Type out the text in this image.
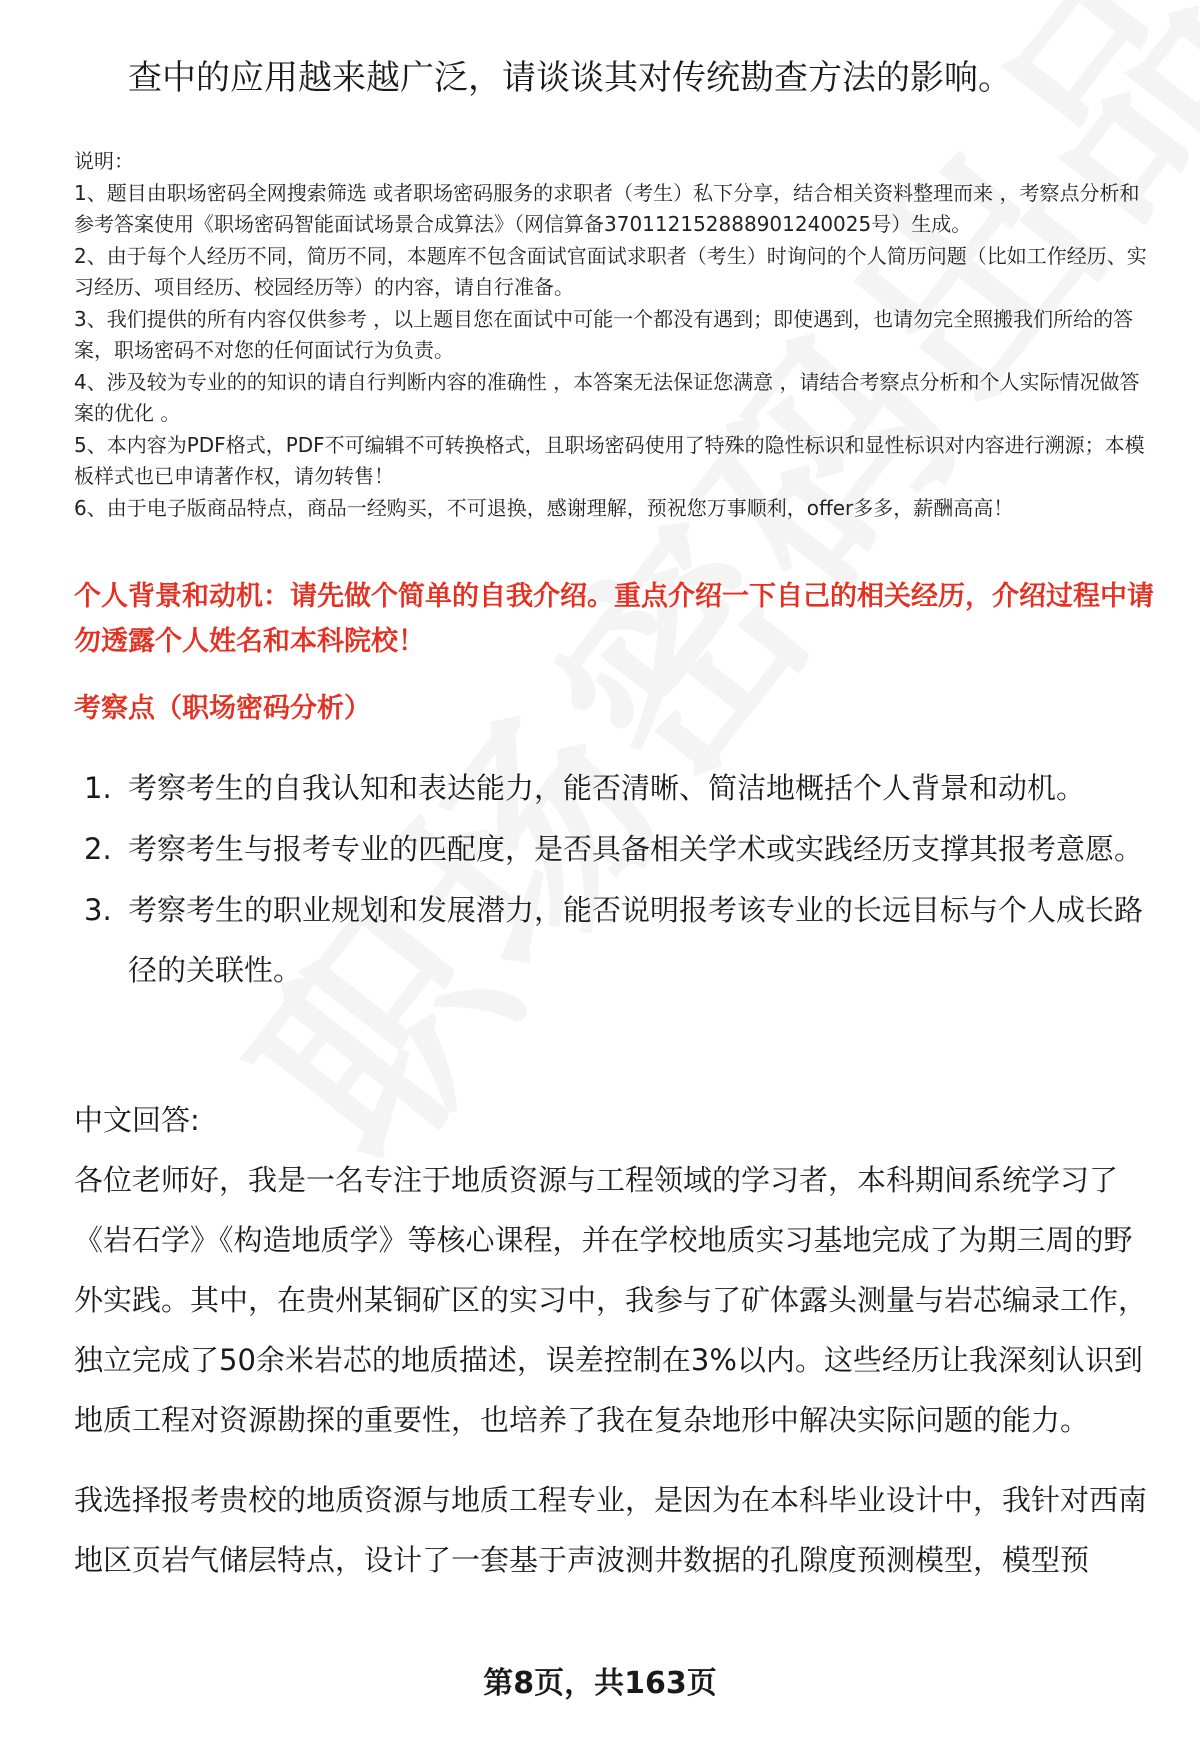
查中的应用越来越广泛，请谈谈其对传统勘查方法的影响。

说明：

1、题目由职场密码全网搜索筛选 或者职场密码服务的求职者（考生）私下分享，结合相关资料整理而来 ，考察点分析和参考答案使用《职场密码智能面试场景合成算法》（网信算备370112152888901240025号）生成。

2、由于每个人经历不同，简历不同，本题库不包含面试官面试求职者（考生）时询问的个人简历问题（比如工作经历、实习经历、项目经历、校园经历等）的内容，请自行准备。

3、我们提供的所有内容仅供参考 ，以上题目您在面试中可能一个都没有遇到；即使遇到，也请勿完全照搬我们所给的答案，职场密码不对您的任何面试行为负责。

4、涉及较为专业的的知识的请自行判断内容的准确性 ，本答案无法保证您满意 ，请结合考察点分析和个人实际情况做答案的优化 。

5、本内容为PDF格式，PDF不可编辑不可转换格式，且职场密码使用了特殊的隐性标识和显性标识对内容进行溯源；本模板样式也已申请著作权，请勿转售！

6、由于电子版商品特点，商品一经购买，不可退换，感谢理解，预祝您万事顺利，offer多多，薪酬高高！

个人背景和动机：请先做个简单的自我介绍。重点介绍一下自己的相关经历，介绍过程中请勿透露个人姓名和本科院校！
考察点（职场密码分析）
1. 考察考生的自我认知和表达能力，能否清晰、简洁地概括个人背景和动机。
2. 考察考生与报考专业的匹配度，是否具备相关学术或实践经历支撑其报考意愿。
3. 考察考生的职业规划和发展潜力，能否说明报考该专业的长远目标与个人成长路径的关联性。

中文回答:

各位老师好，我是一名专注于地质资源与工程领域的学习者，本科期间系统学习了《岩石学》《构造地质学》等核心课程，并在学校地质实习基地完成了为期三周的野外实践。其中，在贵州某铜矿区的实习中，我参与了矿体露头测量与岩芯编录工作，独立完成了50余米岩芯的地质描述，误差控制在3%以内。这些经历让我深刻认识到地质工程对资源勘探的重要性，也培养了我在复杂地形中解决实际问题的能力。

我选择报考贵校的地质资源与地质工程专业，是因为在本科毕业设计中，我针对西南地区页岩气储层特点，设计了一套基于声波测井数据的孔隙度预测模型，模型预

第8页，共163页
